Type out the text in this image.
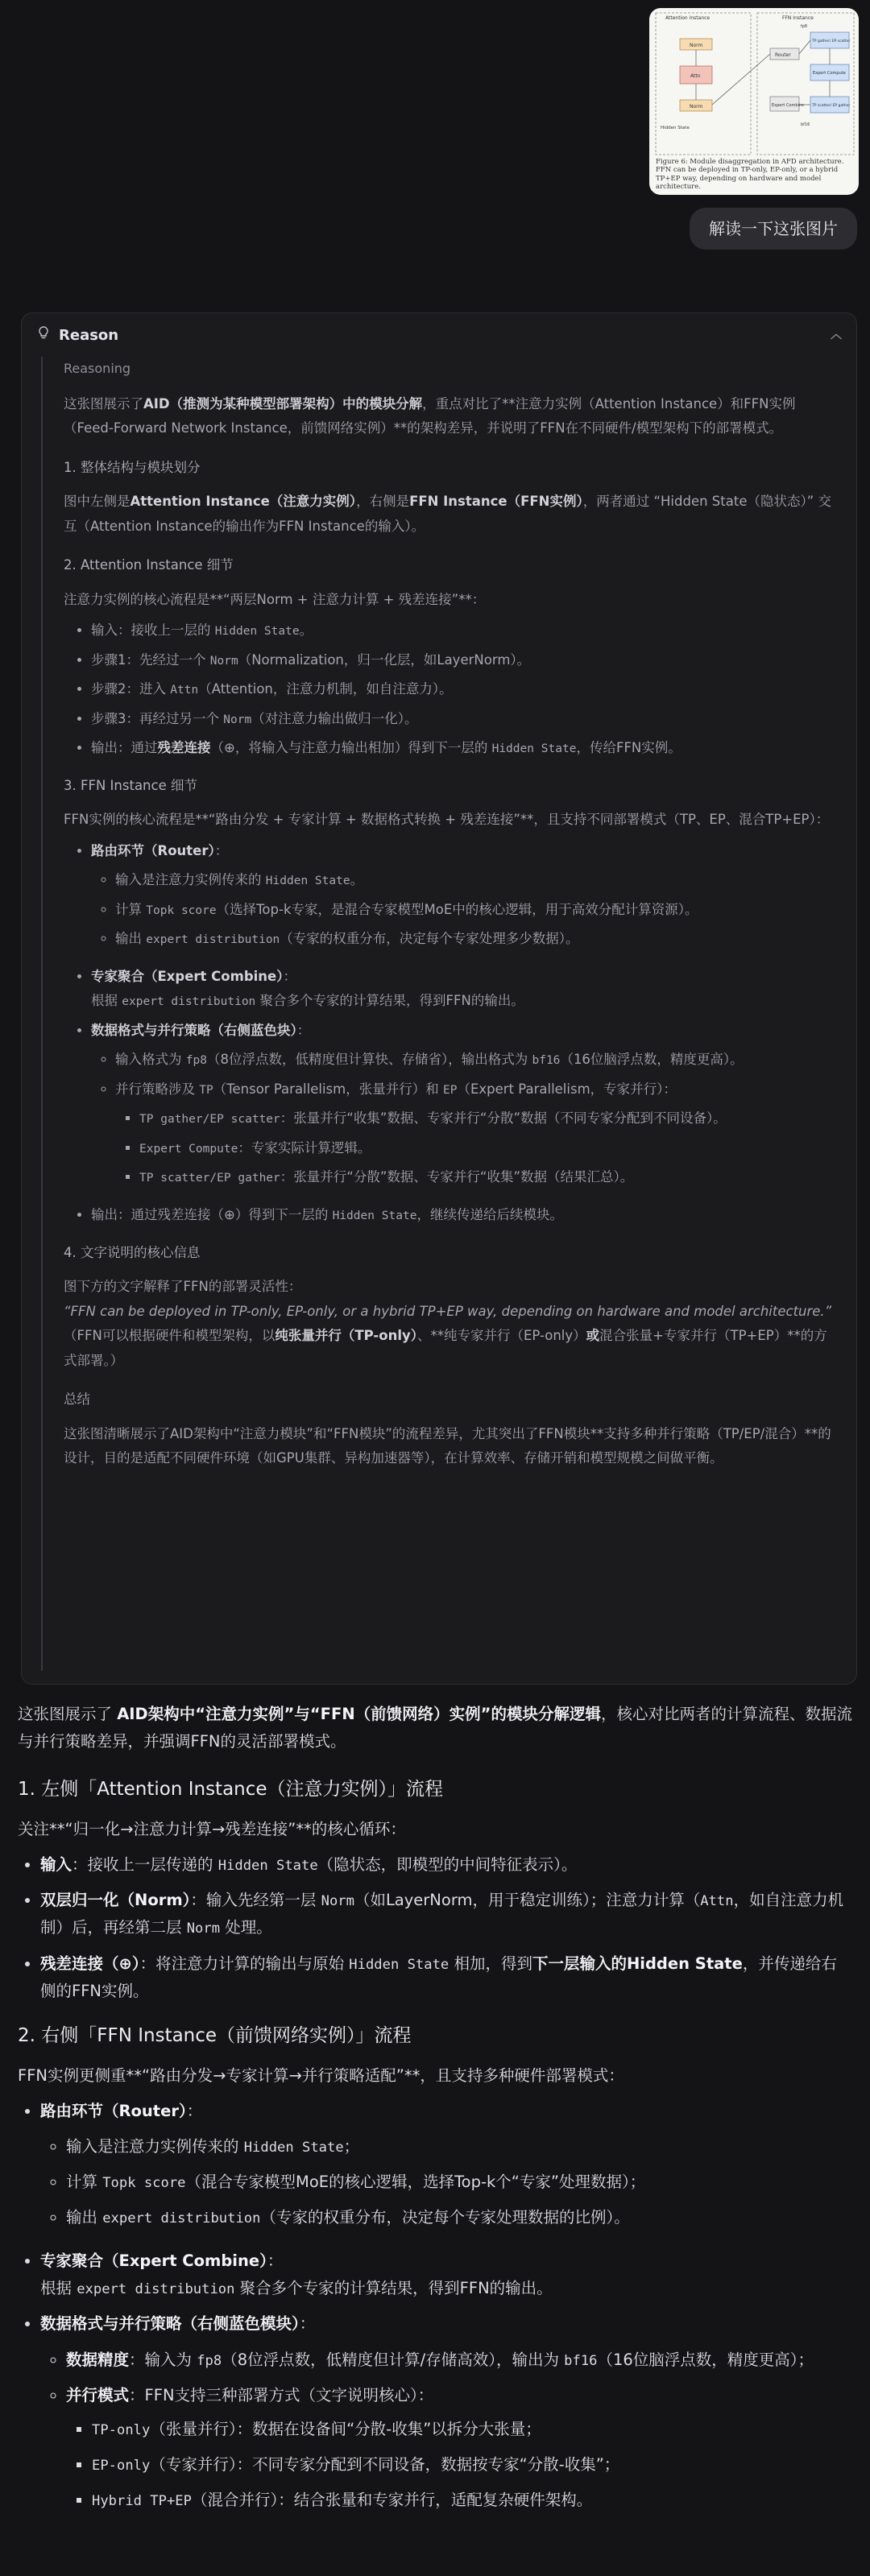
Attention Instance	FFN Instance
Norm
Attn
Norm
Hidden State
Router
Expert Combine
TP gather/ EP scatter
Expert Compute
TP scatter/ EP gather
fp8
bf16
Figure 6: Module disaggregation in AFD architecture. FFN can be deployed in TP-only, EP-only, or a hybrid TP+EP way, depending on hardware and model architecture.
解读一下这张图片
Reason	︿
Reasoning

这张图展示了AID（推测为某种模型部署架构）中的模块分解，重点对比了**注意力实例（Attention Instance）和FFN实例（Feed-Forward Network Instance，前馈网络实例）**的架构差异，并说明了FFN在不同硬件/模型架构下的部署模式。

1. 整体结构与模块划分

图中左侧是Attention Instance（注意力实例），右侧是FFN Instance（FFN实例），两者通过 “Hidden State（隐状态）” 交互（Attention Instance的输出作为FFN Instance的输入）。

2. Attention Instance 细节

注意力实例的核心流程是**“两层Norm + 注意力计算 + 残差连接”**：

• 输入：接收上一层的 Hidden State。
• 步骤1：先经过一个 Norm（Normalization，归一化层，如LayerNorm）。
• 步骤2：进入 Attn（Attention，注意力机制，如自注意力）。
• 步骤3：再经过另一个 Norm（对注意力输出做归一化）。
• 输出：通过残差连接（⊕，将输入与注意力输出相加）得到下一层的 Hidden State，传给FFN实例。

3. FFN Instance 细节

FFN实例的核心流程是**“路由分发 + 专家计算 + 数据格式转换 + 残差连接”**，且支持不同部署模式（TP、EP、混合TP+EP）：

• 路由环节（Router）：
◦ 输入是注意力实例传来的 Hidden State。
◦ 计算 Topk score（选择Top-k专家，是混合专家模型MoE中的核心逻辑，用于高效分配计算资源）。
◦ 输出 expert distribution（专家的权重分布，决定每个专家处理多少数据）。
• 专家聚合（Expert Combine）：
根据 expert distribution 聚合多个专家的计算结果，得到FFN的输出。
• 数据格式与并行策略（右侧蓝色块）：
◦ 输入格式为 fp8（8位浮点数，低精度但计算快、存储省），输出格式为 bf16（16位脑浮点数，精度更高）。
◦ 并行策略涉及 TP（Tensor Parallelism，张量并行）和 EP（Expert Parallelism，专家并行）：
▪ TP gather/EP scatter：张量并行“收集”数据、专家并行“分散”数据（不同专家分配到不同设备）。
▪ Expert Compute：专家实际计算逻辑。
▪ TP scatter/EP gather：张量并行“分散”数据、专家并行“收集”数据（结果汇总）。
• 输出：通过残差连接（⊕）得到下一层的 Hidden State，继续传递给后续模块。

4. 文字说明的核心信息

图下方的文字解释了FFN的部署灵活性：
“FFN can be deployed in TP-only, EP-only, or a hybrid TP+EP way, depending on hardware and model architecture.”
（FFN可以根据硬件和模型架构，以纯张量并行（TP-only）、**纯专家并行（EP-only）或混合张量+专家并行（TP+EP）**的方式部署。）

总结

这张图清晰展示了AID架构中“注意力模块”和“FFN模块”的流程差异，尤其突出了FFN模块**支持多种并行策略（TP/EP/混合）**的设计，目的是适配不同硬件环境（如GPU集群、异构加速器等），在计算效率、存储开销和模型规模之间做平衡。

这张图展示了 AID架构中“注意力实例”与“FFN（前馈网络）实例”的模块分解逻辑，核心对比两者的计算流程、数据流与并行策略差异，并强调FFN的灵活部署模式。

1. 左侧「Attention Instance（注意力实例）」流程

关注**“归一化→注意力计算→残差连接”**的核心循环：

• 输入：接收上一层传递的 Hidden State（隐状态，即模型的中间特征表示）。
• 双层归一化（Norm）：输入先经第一层 Norm（如LayerNorm，用于稳定训练）；注意力计算（Attn，如自注意力机制）后，再经第二层 Norm 处理。
• 残差连接（⊕）：将注意力计算的输出与原始 Hidden State 相加，得到下一层输入的Hidden State，并传递给右侧的FFN实例。
2. 右侧「FFN Instance（前馈网络实例）」流程

FFN实例更侧重**“路由分发→专家计算→并行策略适配”**，且支持多种硬件部署模式：

• 路由环节（Router）：
◦ 输入是注意力实例传来的 Hidden State；
◦ 计算 Topk score（混合专家模型MoE的核心逻辑，选择Top-k个“专家”处理数据）；
◦ 输出 expert distribution（专家的权重分布，决定每个专家处理数据的比例）。
• 专家聚合（Expert Combine）：
根据 expert distribution 聚合多个专家的计算结果，得到FFN的输出。
• 数据格式与并行策略（右侧蓝色模块）：
◦ 数据精度：输入为 fp8（8位浮点数，低精度但计算/存储高效），输出为 bf16（16位脑浮点数，精度更高）；
◦ 并行模式：FFN支持三种部署方式（文字说明核心）：
▪ TP-only（张量并行）：数据在设备间“分散-收集”以拆分大张量；
▪ EP-only（专家并行）：不同专家分配到不同设备，数据按专家“分散-收集”；
▪ Hybrid TP+EP（混合并行）：结合张量和专家并行，适配复杂硬件架构。
